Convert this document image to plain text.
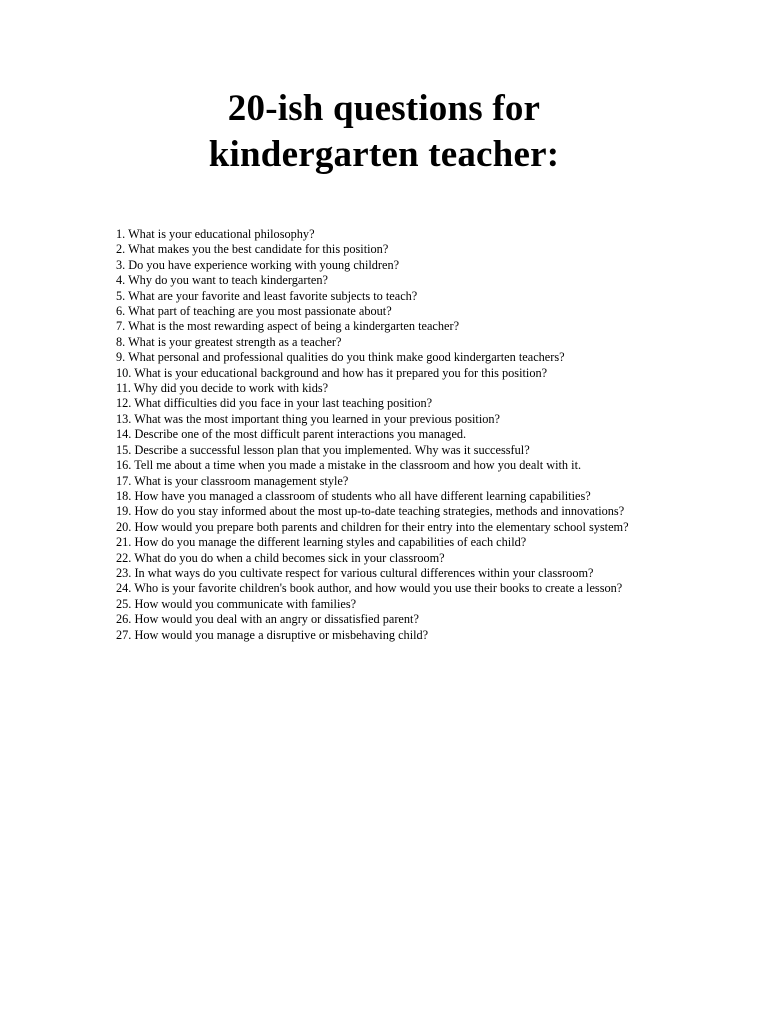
20-ish questions for
kindergarten teacher:
1. What is your educational philosophy?
2. What makes you the best candidate for this position?
3. Do you have experience working with young children?
4. Why do you want to teach kindergarten?
5. What are your favorite and least favorite subjects to teach?
6. What part of teaching are you most passionate about?
7. What is the most rewarding aspect of being a kindergarten teacher?
8. What is your greatest strength as a teacher?
9. What personal and professional qualities do you think make good kindergarten teachers?
10. What is your educational background and how has it prepared you for this position?
11. Why did you decide to work with kids?
12. What difficulties did you face in your last teaching position?
13. What was the most important thing you learned in your previous position?
14. Describe one of the most difficult parent interactions you managed.
15. Describe a successful lesson plan that you implemented. Why was it successful?
16. Tell me about a time when you made a mistake in the classroom and how you dealt with it.
17. What is your classroom management style?
18. How have you managed a classroom of students who all have different learning capabilities?
19. How do you stay informed about the most up-to-date teaching strategies, methods and innovations?
20. How would you prepare both parents and children for their entry into the elementary school system?
21. How do you manage the different learning styles and capabilities of each child?
22. What do you do when a child becomes sick in your classroom?
23. In what ways do you cultivate respect for various cultural differences within your classroom?
24. Who is your favorite children's book author, and how would you use their books to create a lesson?
25. How would you communicate with families?
26. How would you deal with an angry or dissatisfied parent?
27. How would you manage a disruptive or misbehaving child?
